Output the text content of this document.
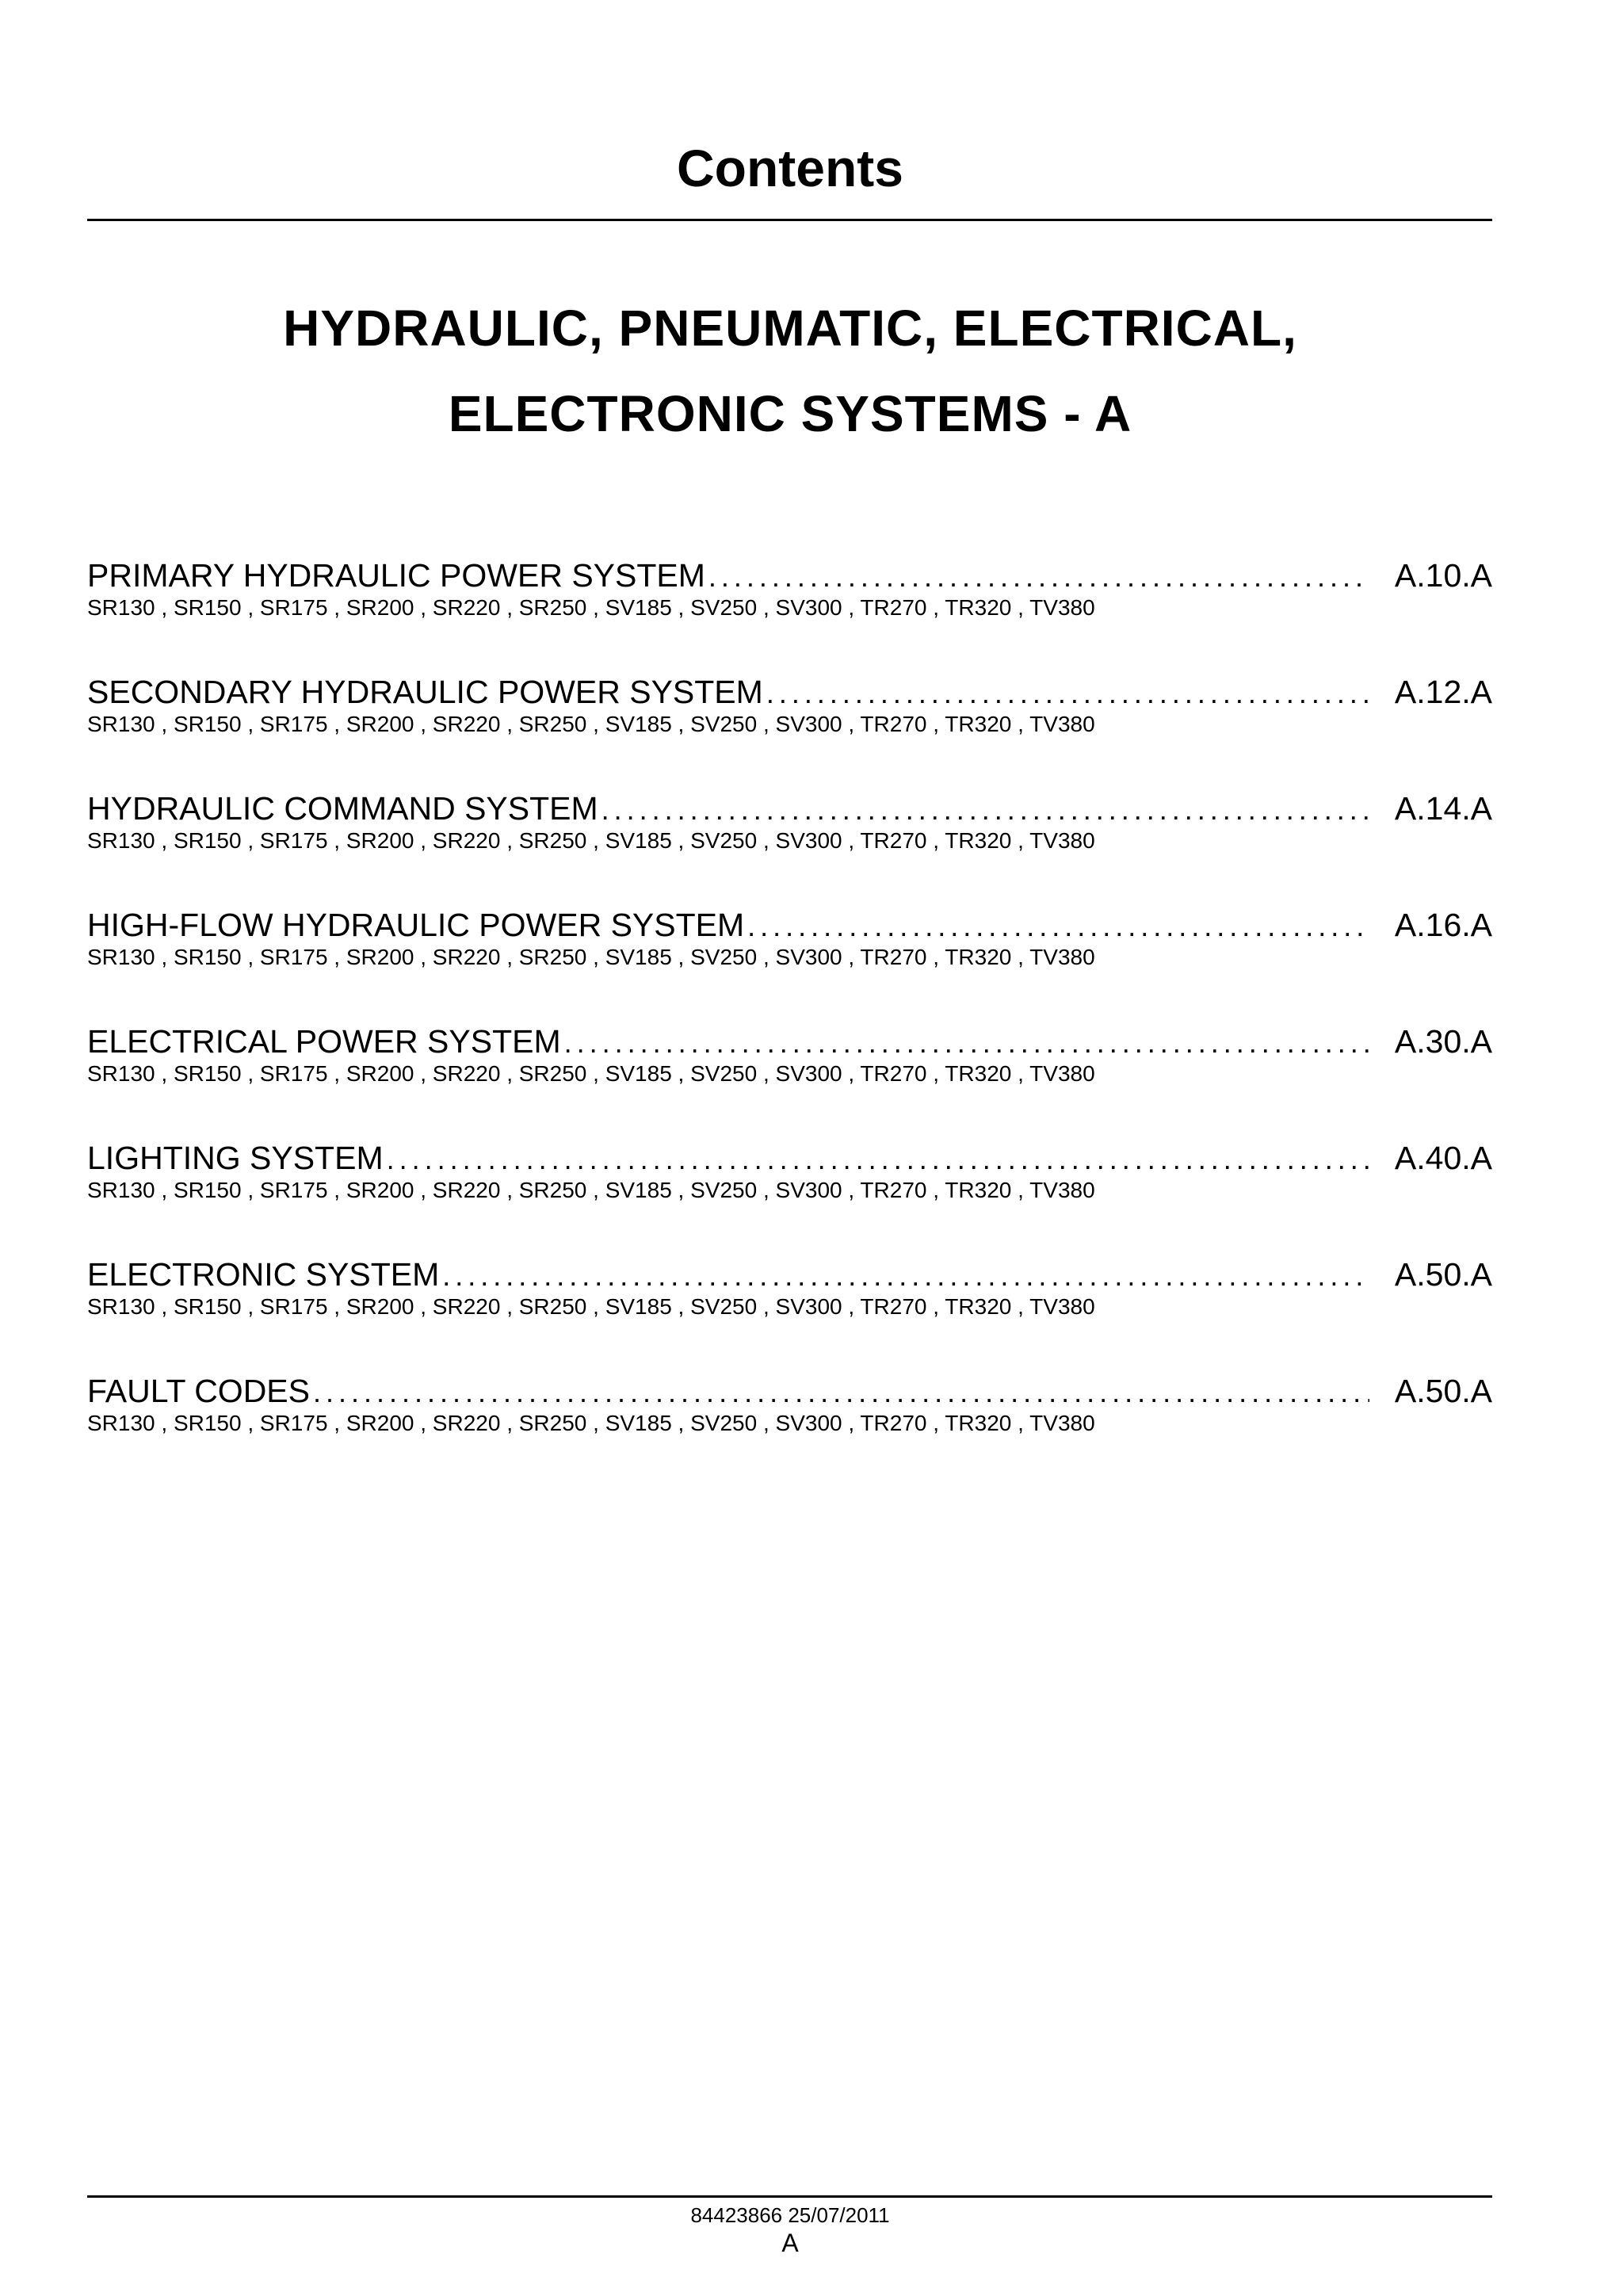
Contents
HYDRAULIC, PNEUMATIC, ELECTRICAL,
ELECTRONIC SYSTEMS - A
PRIMARY HYDRAULIC POWER SYSTEM .....	A.10.A
SR130 , SR150 , SR175 , SR200 , SR220 , SR250 , SV185 , SV250 , SV300 , TR270 , TR320 , TV380
SECONDARY HYDRAULIC POWER SYSTEM .....	A.12.A
SR130 , SR150 , SR175 , SR200 , SR220 , SR250 , SV185 , SV250 , SV300 , TR270 , TR320 , TV380
HYDRAULIC COMMAND SYSTEM .....	A.14.A
SR130 , SR150 , SR175 , SR200 , SR220 , SR250 , SV185 , SV250 , SV300 , TR270 , TR320 , TV380
HIGH-FLOW HYDRAULIC POWER SYSTEM .....	A.16.A
SR130 , SR150 , SR175 , SR200 , SR220 , SR250 , SV185 , SV250 , SV300 , TR270 , TR320 , TV380
ELECTRICAL POWER SYSTEM .....	A.30.A
SR130 , SR150 , SR175 , SR200 , SR220 , SR250 , SV185 , SV250 , SV300 , TR270 , TR320 , TV380
LIGHTING SYSTEM .....	A.40.A
SR130 , SR150 , SR175 , SR200 , SR220 , SR250 , SV185 , SV250 , SV300 , TR270 , TR320 , TV380
ELECTRONIC SYSTEM .....	A.50.A
SR130 , SR150 , SR175 , SR200 , SR220 , SR250 , SV185 , SV250 , SV300 , TR270 , TR320 , TV380
FAULT CODES .....	A.50.A
SR130 , SR150 , SR175 , SR200 , SR220 , SR250 , SV185 , SV250 , SV300 , TR270 , TR320 , TV380
84423866 25/07/2011
A
